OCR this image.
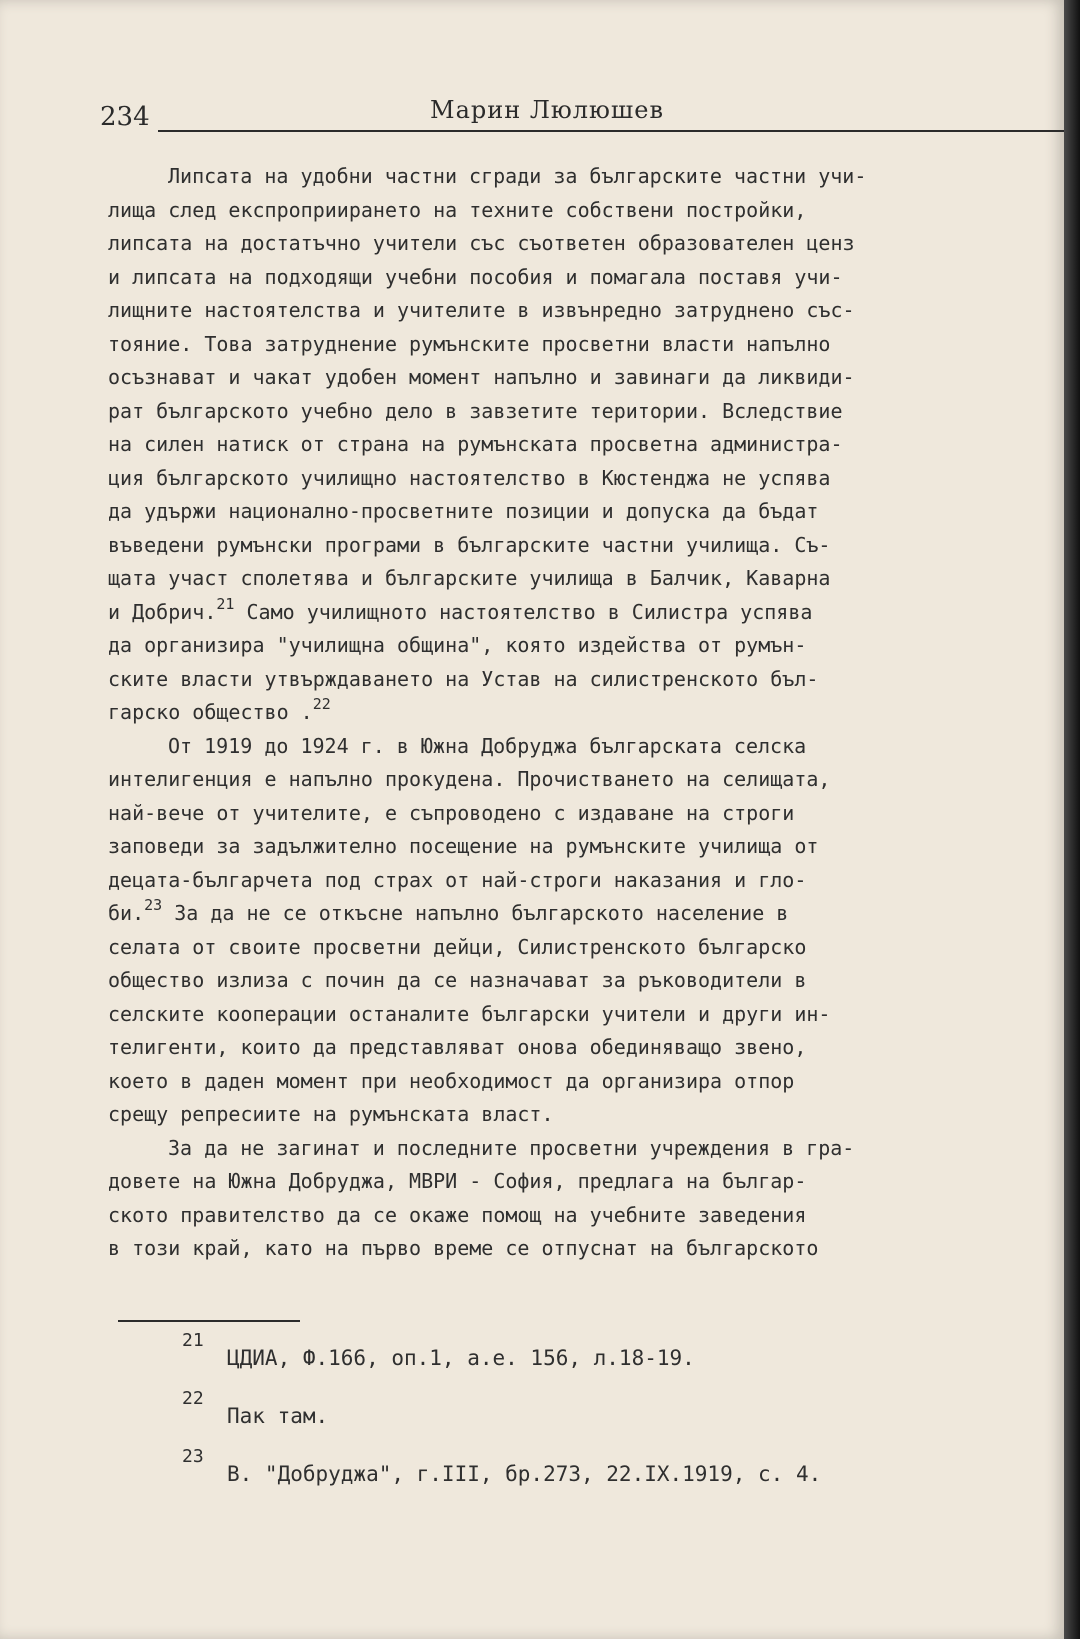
234	Марин Люлюшев
Липсата на удобни частни сгради за българските частни учи-
лища след експроприирането на техните собствени постройки,
липсата на достатъчно учители със съответен образователен ценз
и липсата на подходящи учебни пособия и помагала поставя учи-
лищните настоятелства и учителите в извънредно затруднено със-
тояние. Това затруднение румънските просветни власти напълно
осъзнават и чакат удобен момент напълно и завинаги да ликвиди-
рат българското учебно дело в завзетите територии. Вследствие
на силен натиск от страна на румънската просветна администра-
ция българското училищно настоятелство в Кюстенджа не успява
да удържи национално-просветните позиции и допуска да бъдат
въведени румънски програми в българските частни училища. Съ-
щата участ сполетява и българските училища в Балчик, Каварна
и Добрич.$^{21}$ Само училищното настоятелство в Силистра успява
да организира "училищна община", която издейства от румън-
ските власти утвърждаването на Устав на силистренското бъл-
гарско общество .$^{22}$
От 1919 до 1924 г. в Южна Добруджа българската селска
интелигенция е напълно прокудена. Прочистването на селищата,
най-вече от учителите, е съпроводено с издаване на строги
заповеди за задължително посещение на румънските училища от
децата-българчета под страх от най-строги наказания и гло-
би.$^{23}$ За да не се откъсне напълно българското население в
селата от своите просветни дейци, Силистренското българско
общество излиза с почин да се назначават за ръководители в
селските кооперации останалите български учители и други ин-
телигенти, които да представляват онова обединяващо звено,
което в даден момент при необходимост да организира отпор
срещу репресиите на румънската власт.
За да не загинат и последните просветни учреждения в гра-
довете на Южна Добруджа, МВРИ - София, предлага на българ-
ското правителство да се окаже помощ на учебните заведения
в този край, като на първо време се отпуснат на българското
21
ЦДИА, Ф.166, оп.1, а.е. 156, л.18-19.
22
Пак там.
23
В. "Добруджа", г.III, бр.273, 22.IX.1919, с. 4.
